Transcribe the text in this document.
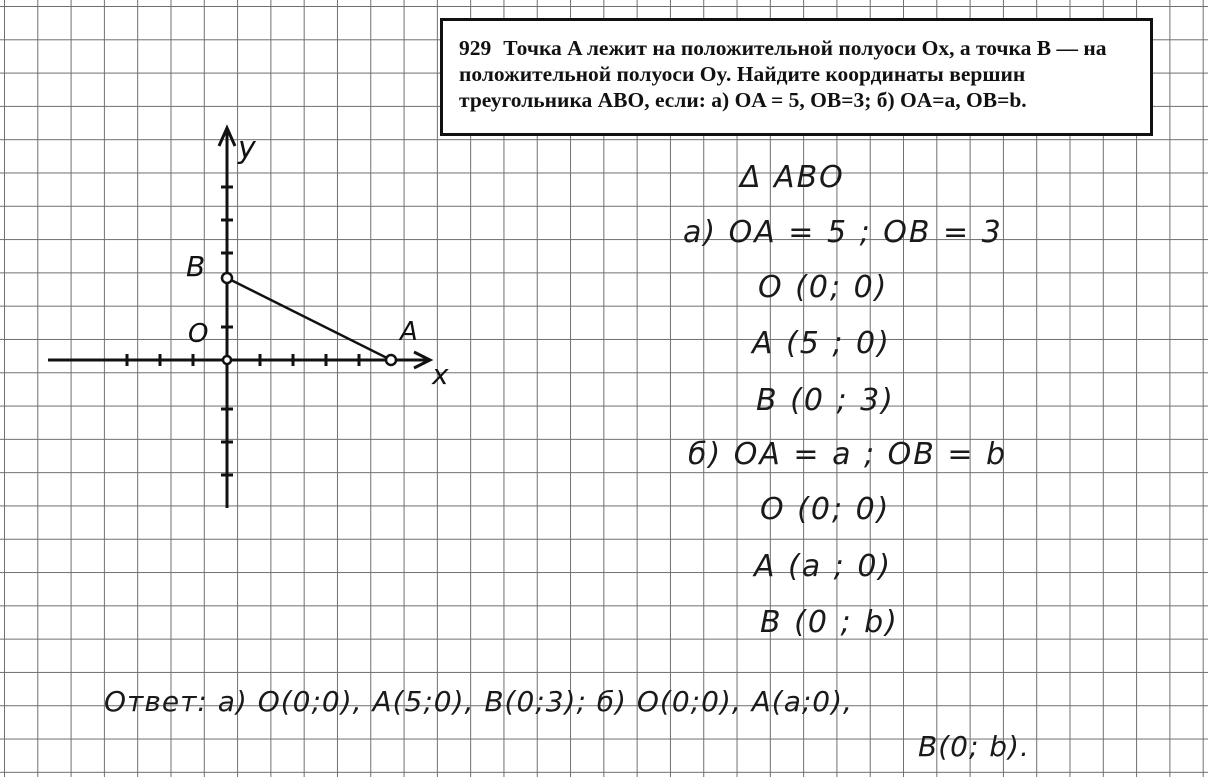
929 Точка A лежит на положительной полуоси Ox, а точка B — на положительной полуоси Oy. Найдите координаты вершин треугольника ABO, если: а) OA = 5, OB=3; б) OA=a, OB=b.
y
x
B
A
O
Δ ABO
а) OA = 5 ; OB = 3
O (0; 0)
A (5 ; 0)
B (0 ; 3)
б) OA = a ; OB = b
O (0; 0)
A (a ; 0)
B (0 ; b)
Ответ: а) O(0;0), A(5;0), B(0;3); б) O(0;0), A(a;0),
B(0; b).
